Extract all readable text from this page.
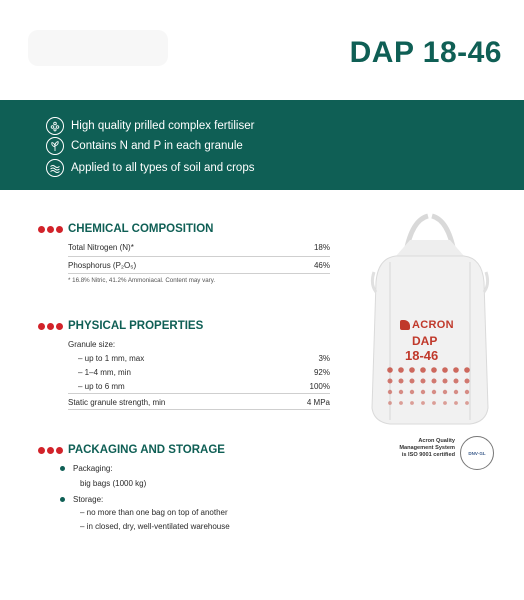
DAP 18-46
High quality prilled complex fertiliser
Contains N and P in each granule
Applied to all types of soil and crops
CHEMICAL COMPOSITION
Total Nitrogen (N)*	18%
Phosphorus (P₂O₅)	46%
* 16.8% Nitric, 41.2% Ammoniacal. Content may vary.
PHYSICAL PROPERTIES
Granule size:
– up to 1 mm, max	3%
– 1–4 mm, min	92%
– up to 6 mm	100%
Static granule strength, min	4 MPa
PACKAGING AND STORAGE
Packaging:
big bags (1000 kg)
Storage:
– no more than one bag on top of another
– in closed, dry, well-ventilated warehouse
ACRON
DAP
18-46
Acron Quality
Management System
is ISO 9001 certified	DNV·GL
